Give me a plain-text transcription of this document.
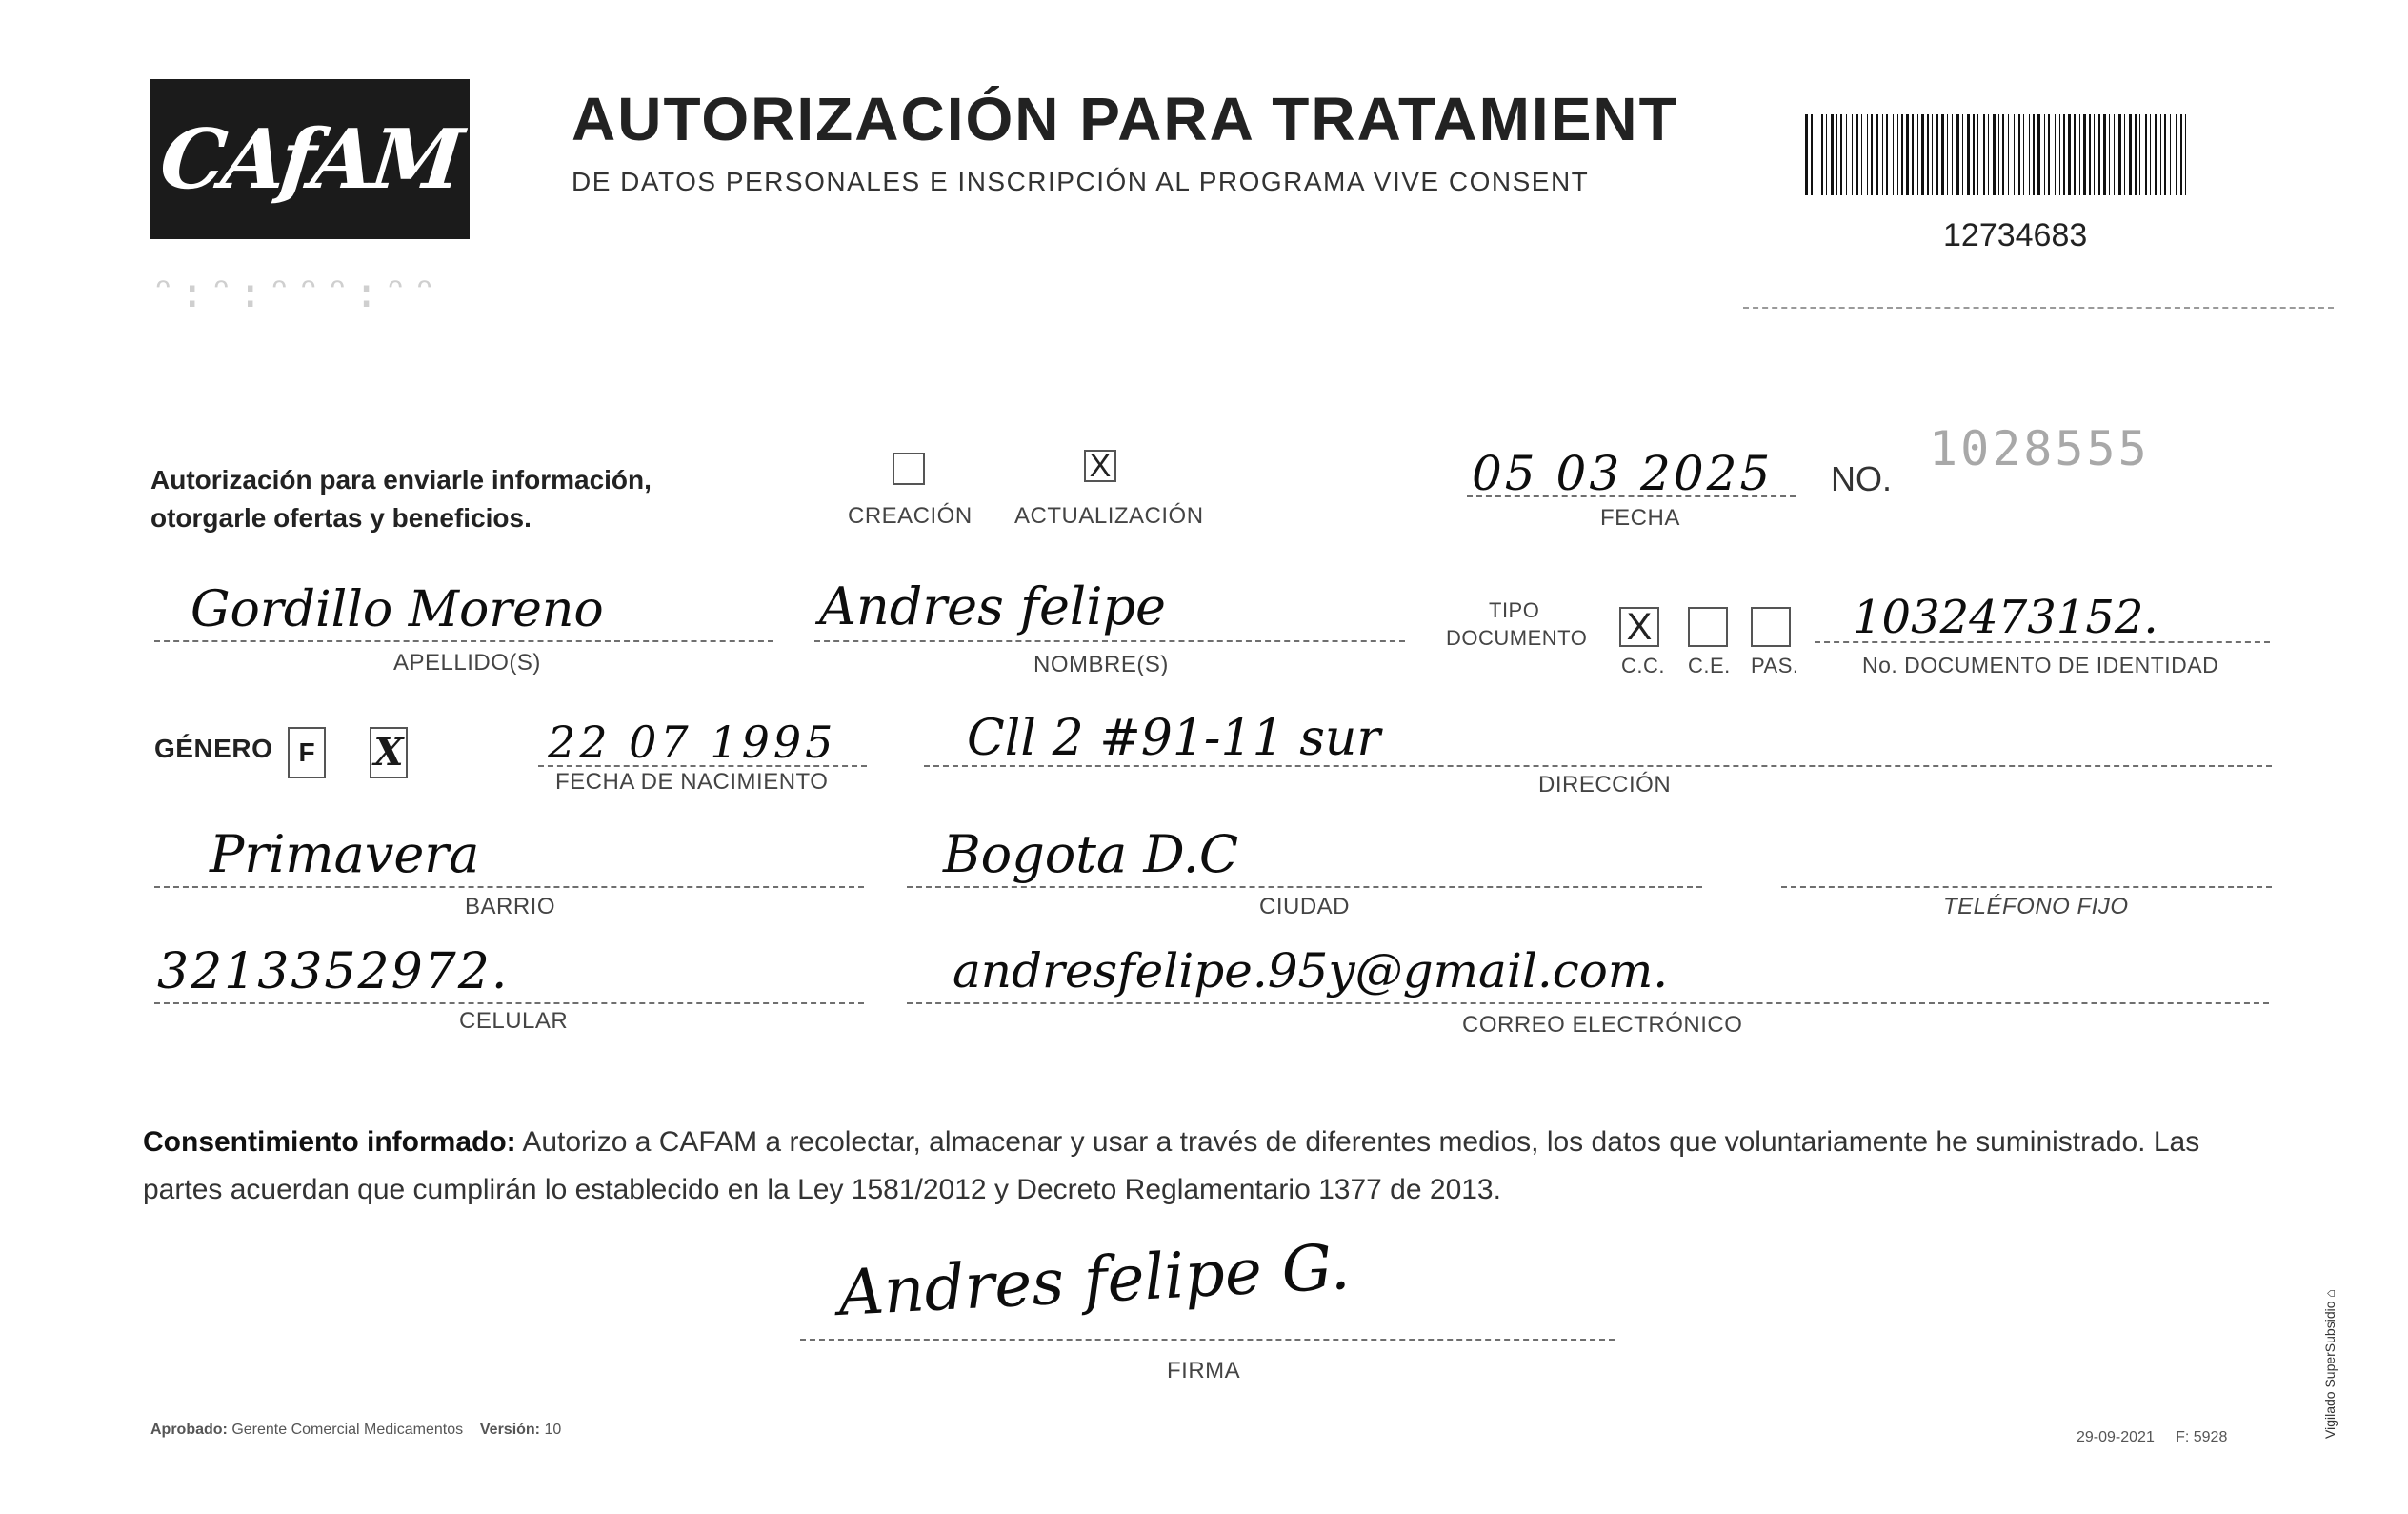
CAfAM AUTORIZACIÓN PARA TRATAMIENT
DE DATOS PERSONALES E INSCRIPCIÓN AL PROGRAMA VIVE CONSENT
12734683
ᵔ:ᵔ:ᵔᵔᵔ:ᵔᵔ
Autorización para enviarle información,
otorgarle ofertas y beneficios.	CREACIÓN
X
ACTUALIZACIÓN
05 03 2025
FECHA
NO.
1028555
Gordillo Moreno
APELLIDO(S)
Andres felipe
NOMBRE(S)
TIPO
DOCUMENTO X
C.C. C.E. PAS.
1032473152.
No. DOCUMENTO DE IDENTIDAD
GÉNERO F X	22 07 1995
FECHA DE NACIMIENTO
Cll 2 #91-11 sur
DIRECCIÓN
Primavera
BARRIO
Bogota D.C
CIUDAD	TELÉFONO FIJO
3213352972.
CELULAR
andresfelipe.95y@gmail.com.
CORREO ELECTRÓNICO
Consentimiento informado: Autorizo a CAFAM a recolectar, almacenar y usar a través de diferentes medios, los datos que voluntariamente he suministrado. Las partes acuerdan que cumplirán lo establecido en la Ley 1581/2012 y Decreto Reglamentario 1377 de 2013.
Andres felipe G.
FIRMA
Aprobado: Gerente Comercial Medicamentos Versión: 10	29-09-2021 F: 5928	Vigilado SuperSubsidio ⌂
